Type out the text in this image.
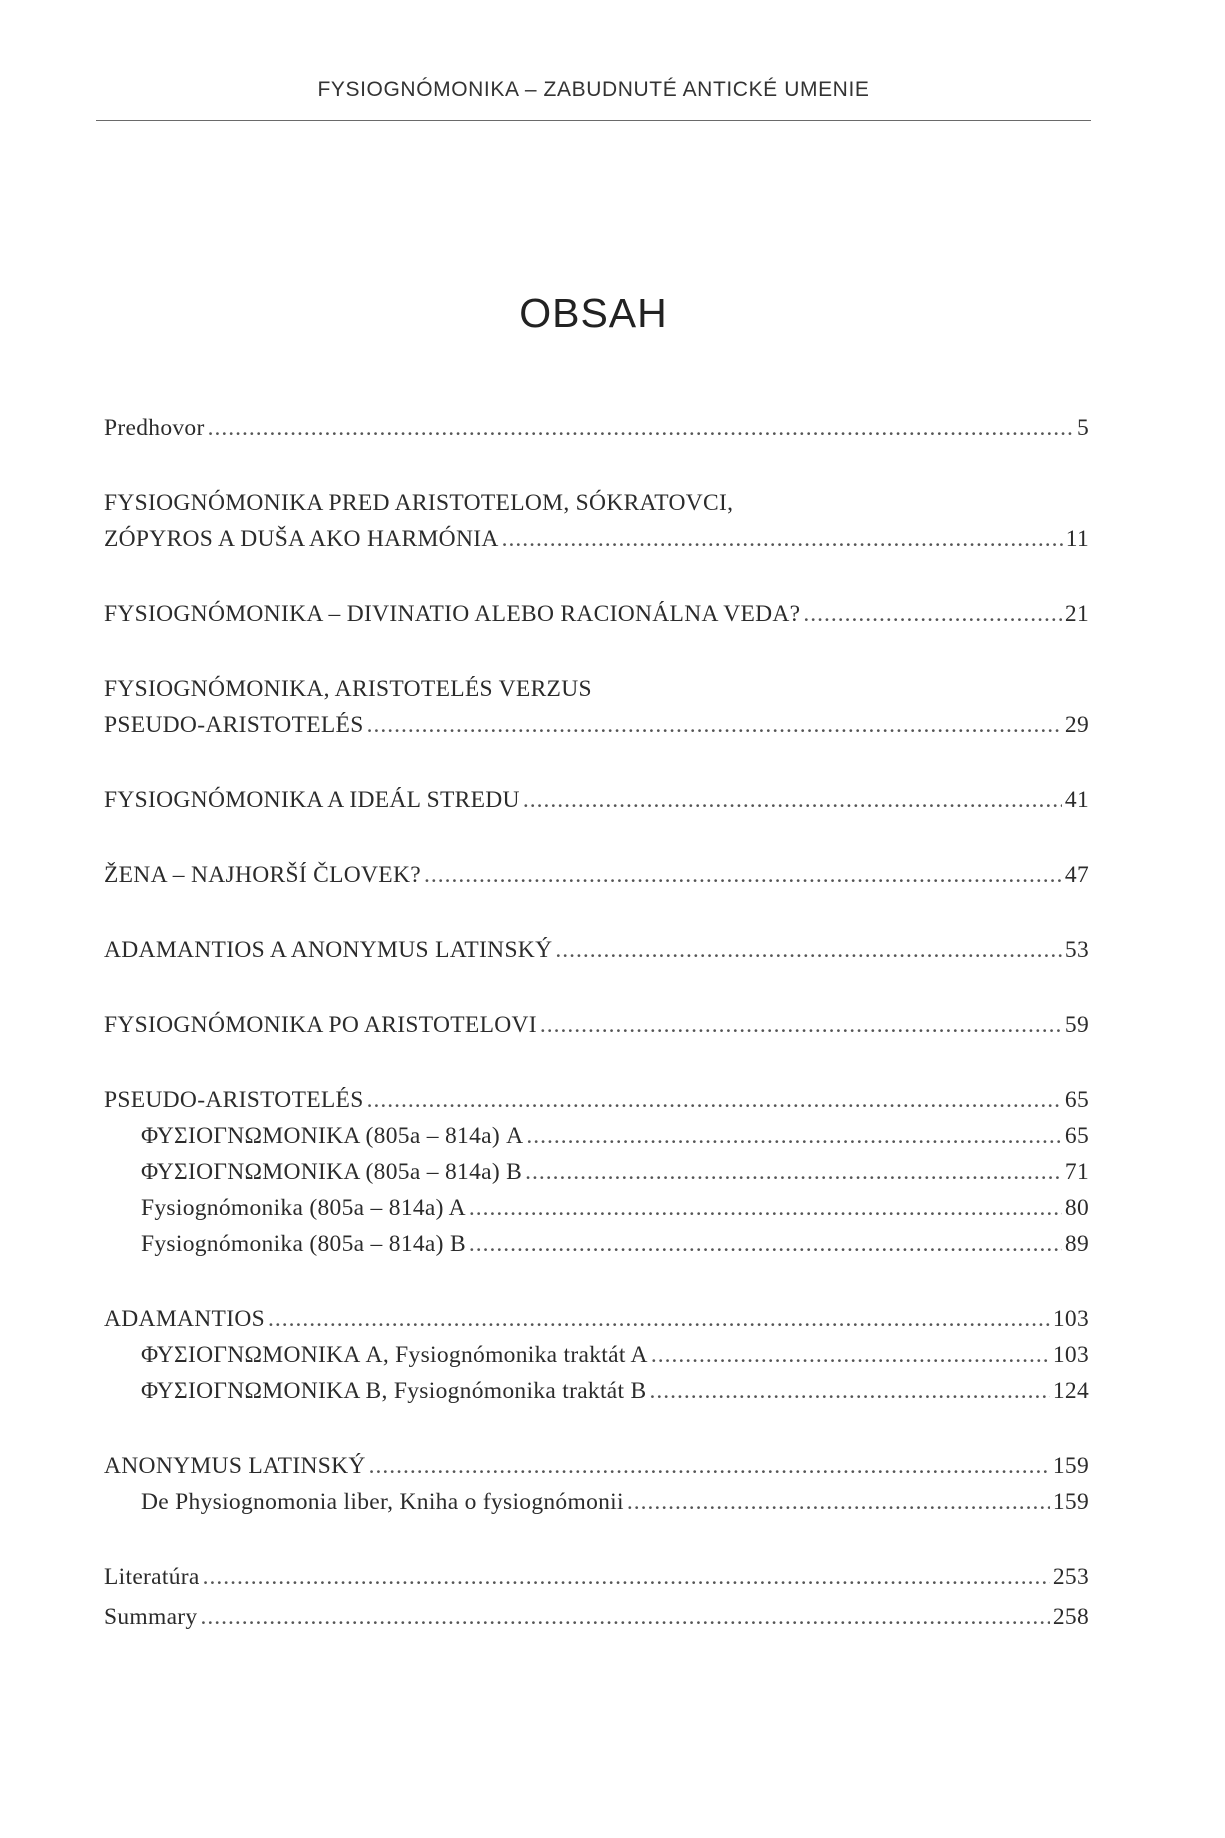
FYSIOGNÓMONIKA – ZABUDNUTÉ ANTICKÉ UMENIE
OBSAH
Predhovor .....	5
FYSIOGNÓMONIKA PRED ARISTOTELOM, SÓKRATOVCI,
ZÓPYROS A DUŠA AKO HARMÓNIA .....	11
FYSIOGNÓMONIKA – DIVINATIO ALEBO RACIONÁLNA VEDA? .....	21
FYSIOGNÓMONIKA, ARISTOTELÉS VERZUS
PSEUDO-ARISTOTELÉS .....	29
FYSIOGNÓMONIKA A IDEÁL STREDU .....	41
ŽENA – NAJHORŠÍ ČLOVEK? .....	47
ADAMANTIOS A ANONYMUS LATINSKÝ .....	53
FYSIOGNÓMONIKA PO ARISTOTELOVI .....	59
PSEUDO-ARISTOTELÉS .....	65
ΦΥΣΙΟΓΝΩΜΟΝΙΚΑ (805a – 814a) A .....	65
ΦΥΣΙΟΓΝΩΜΟΝΙΚΑ (805a – 814a) B .....	71
Fysiognómonika (805a – 814a) A .....	80
Fysiognómonika (805a – 814a) B .....	89
ADAMANTIOS .....	103
ΦΥΣΙΟΓΝΩΜΟΝΙΚΑ A, Fysiognómonika traktát A .....	103
ΦΥΣΙΟΓΝΩΜΟΝΙΚΑ B, Fysiognómonika traktát B .....	124
ANONYMUS LATINSKÝ .....	159
De Physiognomonia liber, Kniha o fysiognómonii .....	159
Literatúra .....	253
Summary .....	258
